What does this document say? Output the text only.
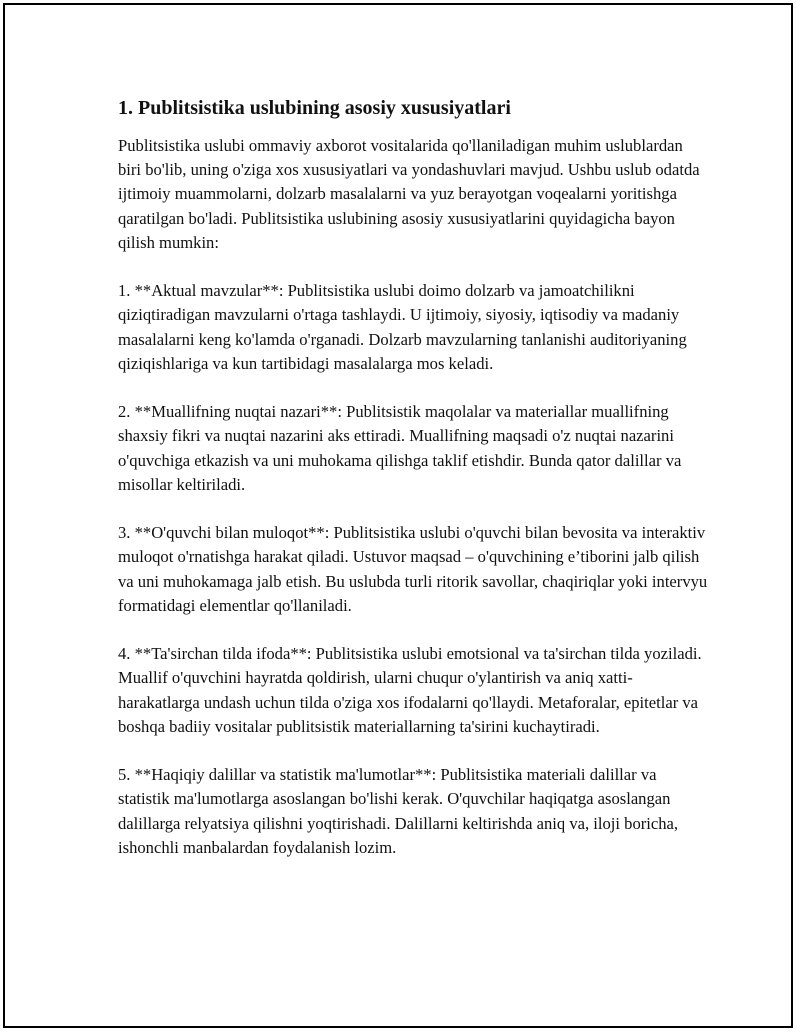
1. Publitsistika uslubining asosiy xususiyatlari

Publitsistika uslubi ommaviy axborot vositalarida qo'llaniladigan muhim uslublardan biri bo'lib, uning o'ziga xos xususiyatlari va yondashuvlari mavjud. Ushbu uslub odatda ijtimoiy muammolarni, dolzarb masalalarni va yuz berayotgan voqealarni yoritishga qaratilgan bo'ladi. Publitsistika uslubining asosiy xususiyatlarini quyidagicha bayon qilish mumkin:

1. **Aktual mavzular**: Publitsistika uslubi doimo dolzarb va jamoatchilikni qiziqtiradigan mavzularni o'rtaga tashlaydi. U ijtimoiy, siyosiy, iqtisodiy va madaniy masalalarni keng ko'lamda o'rganadi. Dolzarb mavzularning tanlanishi auditoriyaning qiziqishlariga va kun tartibidagi masalalarga mos keladi.

2. **Muallifning nuqtai nazari**: Publitsistik maqolalar va materiallar muallifning shaxsiy fikri va nuqtai nazarini aks ettiradi. Muallifning maqsadi o'z nuqtai nazarini o'quvchiga etkazish va uni muhokama qilishga taklif etishdir. Bunda qator dalillar va misollar keltiriladi.

3. **O'quvchi bilan muloqot**: Publitsistika uslubi o'quvchi bilan bevosita va interaktiv muloqot o'rnatishga harakat qiladi. Ustuvor maqsad – o'quvchining e’tiborini jalb qilish va uni muhokamaga jalb etish. Bu uslubda turli ritorik savollar, chaqiriqlar yoki intervyu formatidagi elementlar qo'llaniladi.

4. **Ta'sirchan tilda ifoda**: Publitsistika uslubi emotsional va ta'sirchan tilda yoziladi. Muallif o'quvchini hayratda qoldirish, ularni chuqur o'ylantirish va aniq xatti-harakatlarga undash uchun tilda o'ziga xos ifodalarni qo'llaydi. Metaforalar, epitetlar va boshqa badiiy vositalar publitsistik materiallarning ta'sirini kuchaytiradi.

5. **Haqiqiy dalillar va statistik ma'lumotlar**: Publitsistika materiali dalillar va statistik ma'lumotlarga asoslangan bo'lishi kerak. O'quvchilar haqiqatga asoslangan dalillarga relyatsiya qilishni yoqtirishadi. Dalillarni keltirishda aniq va, iloji boricha, ishonchli manbalardan foydalanish lozim.
